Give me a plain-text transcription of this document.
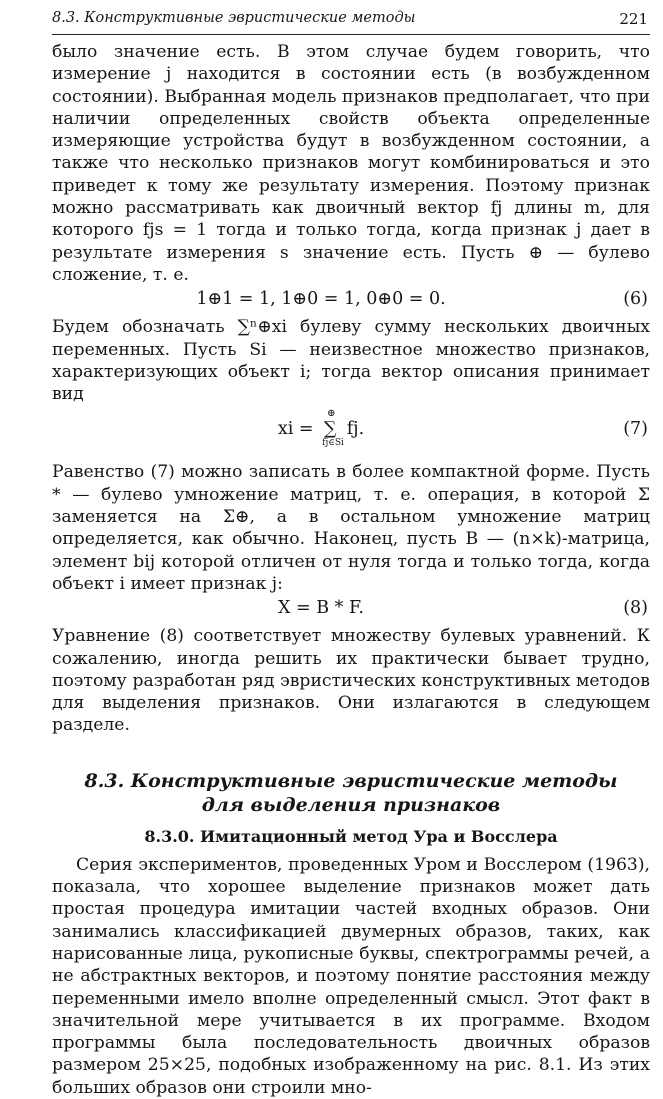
8.3. Конструктивные эвристические методы	221

было значение есть. В этом случае будем говорить, что измерение j находится в состоянии есть (в возбужденном состоянии). Выбранная модель признаков предполагает, что при наличии определенных свойств объекта определенные измеряющие устройства будут в возбужденном состоянии, а также что несколько признаков могут комбинироваться и это приведет к тому же результату измерения. Поэтому признак можно рассматривать как двоичный вектор fj длины m, для которого fjs = 1 тогда и только тогда, когда признак j дает в результате измерения s значение есть. Пусть ⊕ — булево сложение, т. е.

1⊕1 = 1, 1⊕0 = 1, 0⊕0 = 0.	(6)

Будем обозначать ∑ⁿ⊕xi булеву сумму нескольких двоичных переменных. Пусть Si — неизвестное множество признаков, характеризующих объект i; тогда вектор описания принимает вид

xi = ∑
⊕
fj∈Si
fj.	(7)

Равенство (7) можно записать в более компактной форме. Пусть * — булево умножение матриц, т. е. операция, в которой Σ заменяется на Σ⊕, а в остальном умножение матриц определяется, как обычно. Наконец, пусть B — (n×k)-матрица, элемент bij которой отличен от нуля тогда и только тогда, когда объект i имеет признак j:

X = B * F.	(8)

Уравнение (8) соответствует множеству булевых уравнений. К сожалению, иногда решить их практически бывает трудно, поэтому разработан ряд эвристических конструктивных методов для выделения признаков. Они излагаются в следующем разделе.

8.3. Конструктивные эвристические методы
для выделения признаков
8.3.0. Имитационный метод Ура и Восслера

Серия экспериментов, проведенных Уром и Восслером (1963), показала, что хорошее выделение признаков может дать простая процедура имитации частей входных образов. Они занимались классификацией двумерных образов, таких, как нарисованные лица, рукописные буквы, спектрограммы речей, а не абстрактных векторов, и поэтому понятие расстояния между переменными имело вполне определенный смысл. Этот факт в значительной мере учитывается в их программе. Входом программы была последовательность двоичных образов размером 25×25, подобных изображенному на рис. 8.1. Из этих больших образов они строили мно-
